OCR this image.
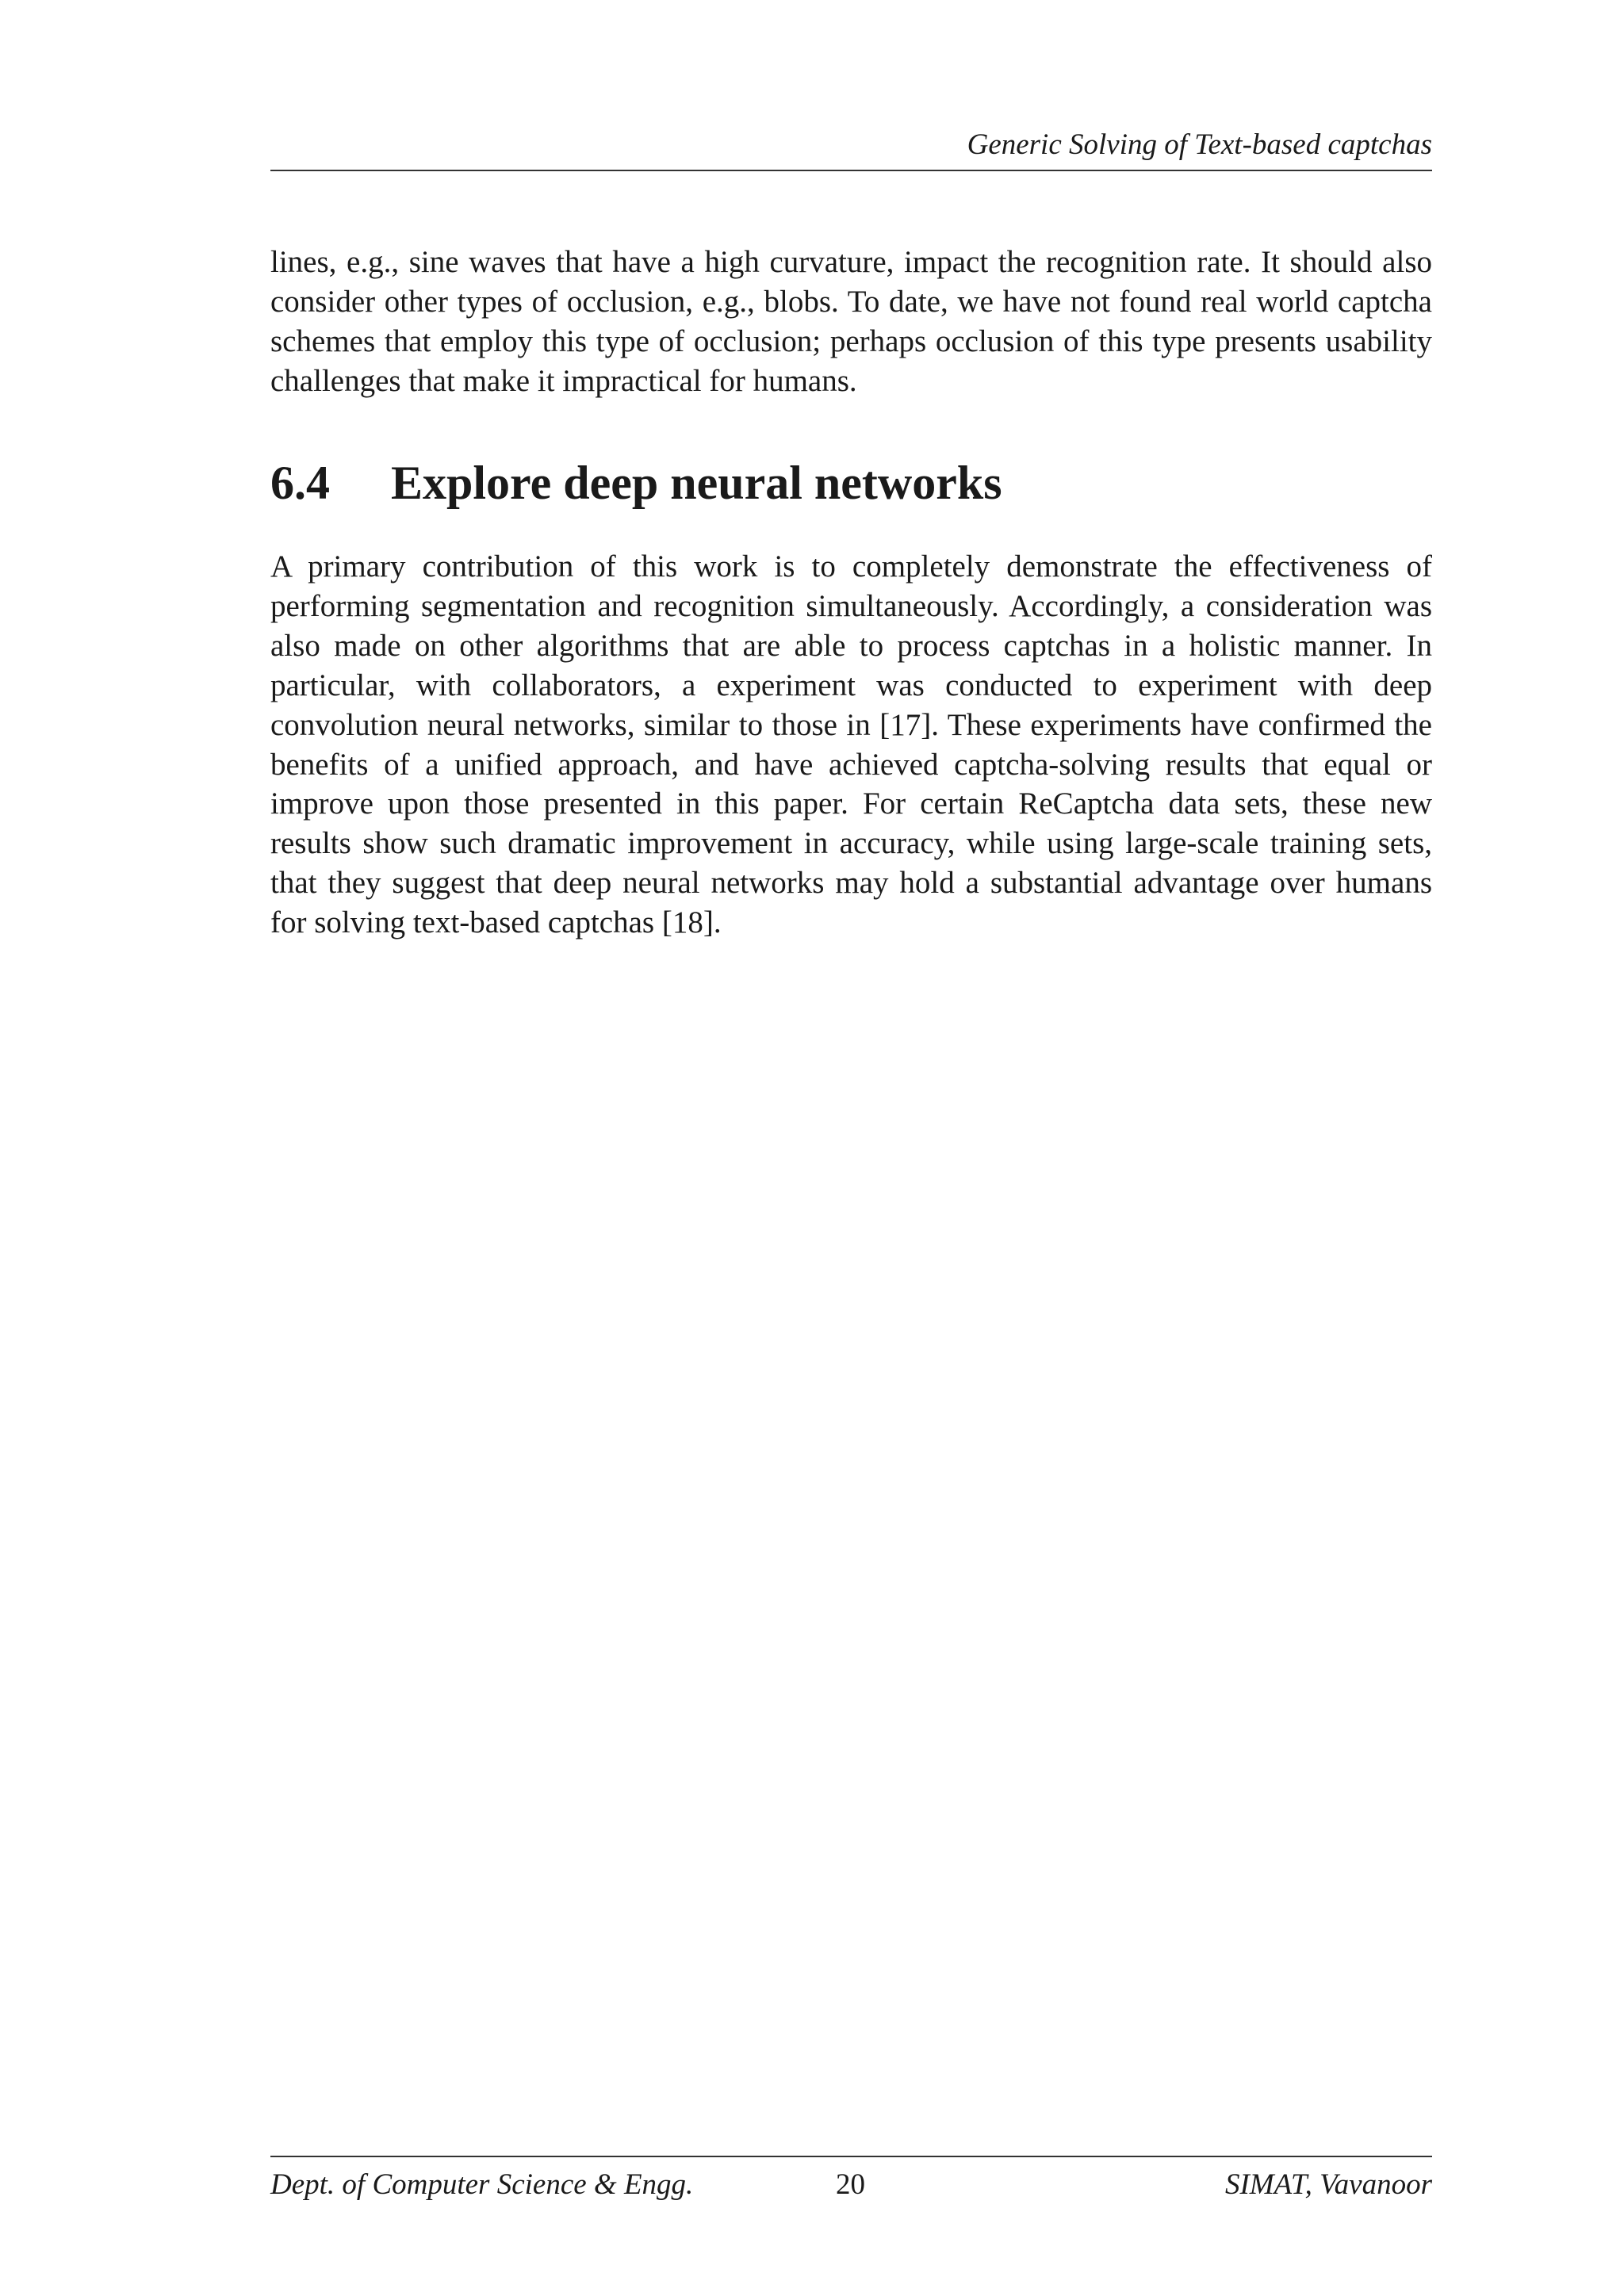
Generic Solving of Text-based captchas

lines, e.g., sine waves that have a high curvature, impact the recognition rate. It should also consider other types of occlusion, e.g., blobs. To date, we have not found real world captcha schemes that employ this type of occlusion; perhaps occlusion of this type presents usability challenges that make it impractical for humans.

6.4 Explore deep neural networks

A primary contribution of this work is to completely demonstrate the effectiveness of performing segmentation and recognition simultaneously. Accordingly, a consideration was also made on other algorithms that are able to process captchas in a holistic manner. In particular, with collaborators, a experiment was conducted to experiment with deep convolution neural networks, similar to those in [17]. These experiments have confirmed the benefits of a unified approach, and have achieved captcha-solving results that equal or improve upon those presented in this paper. For certain ReCaptcha data sets, these new results show such dramatic improvement in accuracy, while using large-scale training sets, that they suggest that deep neural networks may hold a substantial advantage over humans for solving text-based captchas [18].

Dept. of Computer Science & Engg.	20	SIMAT, Vavanoor
